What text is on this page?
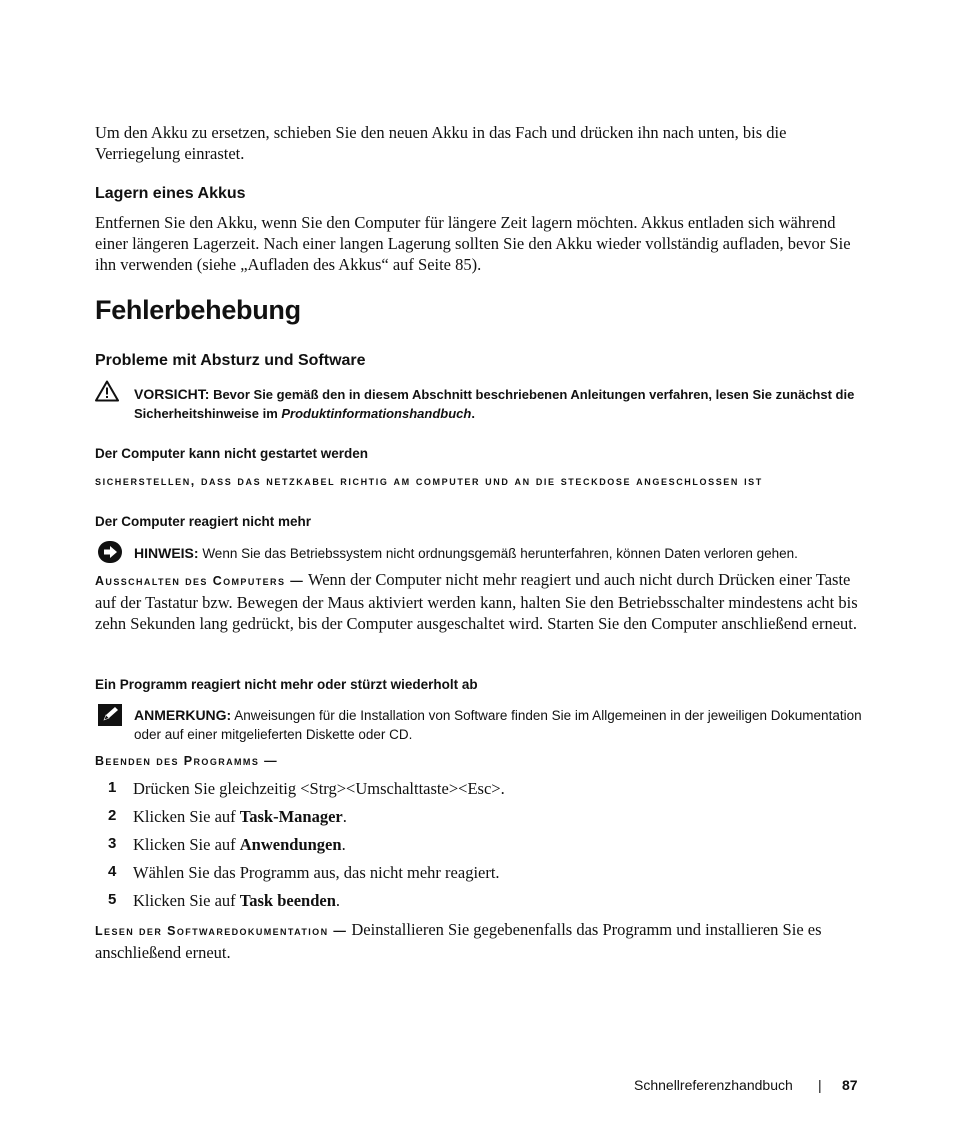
Um den Akku zu ersetzen, schieben Sie den neuen Akku in das Fach und drücken ihn nach unten, bis die Verriegelung einrastet.

Lagern eines Akkus

Entfernen Sie den Akku, wenn Sie den Computer für längere Zeit lagern möchten. Akkus entladen sich während einer längeren Lagerzeit. Nach einer langen Lagerung sollten Sie den Akku wieder vollständig aufladen, bevor Sie ihn verwenden (siehe „Aufladen des Akkus“ auf Seite 85).

Fehlerbehebung
Probleme mit Absturz und Software

VORSICHT: Bevor Sie gemäß den in diesem Abschnitt beschriebenen Anleitungen verfahren, lesen Sie zunächst die Sicherheitshinweise im Produktinformationshandbuch.

Der Computer kann nicht gestartet werden
sicherstellen, dass das netzkabel richtig am computer und an die steckdose angeschlossen ist
Der Computer reagiert nicht mehr

HINWEIS: Wenn Sie das Betriebssystem nicht ordnungsgemäß herunterfahren, können Daten verloren gehen.

Ausschalten des Computers — Wenn der Computer nicht mehr reagiert und auch nicht durch Drücken einer Taste auf der Tastatur bzw. Bewegen der Maus aktiviert werden kann, halten Sie den Betriebsschalter mindestens acht bis zehn Sekunden lang gedrückt, bis der Computer ausgeschaltet wird. Starten Sie den Computer anschließend erneut.

Ein Programm reagiert nicht mehr oder stürzt wiederholt ab

ANMERKUNG: Anweisungen für die Installation von Software finden Sie im Allgemeinen in der jeweiligen Dokumentation oder auf einer mitgelieferten Diskette oder CD.

Beenden des Programms —
1 Drücken Sie gleichzeitig <Strg><Umschalttaste><Esc>.
2 Klicken Sie auf Task-Manager.
3 Klicken Sie auf Anwendungen.
4 Wählen Sie das Programm aus, das nicht mehr reagiert.
5 Klicken Sie auf Task beenden.

Lesen der Softwaredokumentation — Deinstallieren Sie gegebenenfalls das Programm und installieren Sie es anschließend erneut.

Schnellreferenzhandbuch | 87
